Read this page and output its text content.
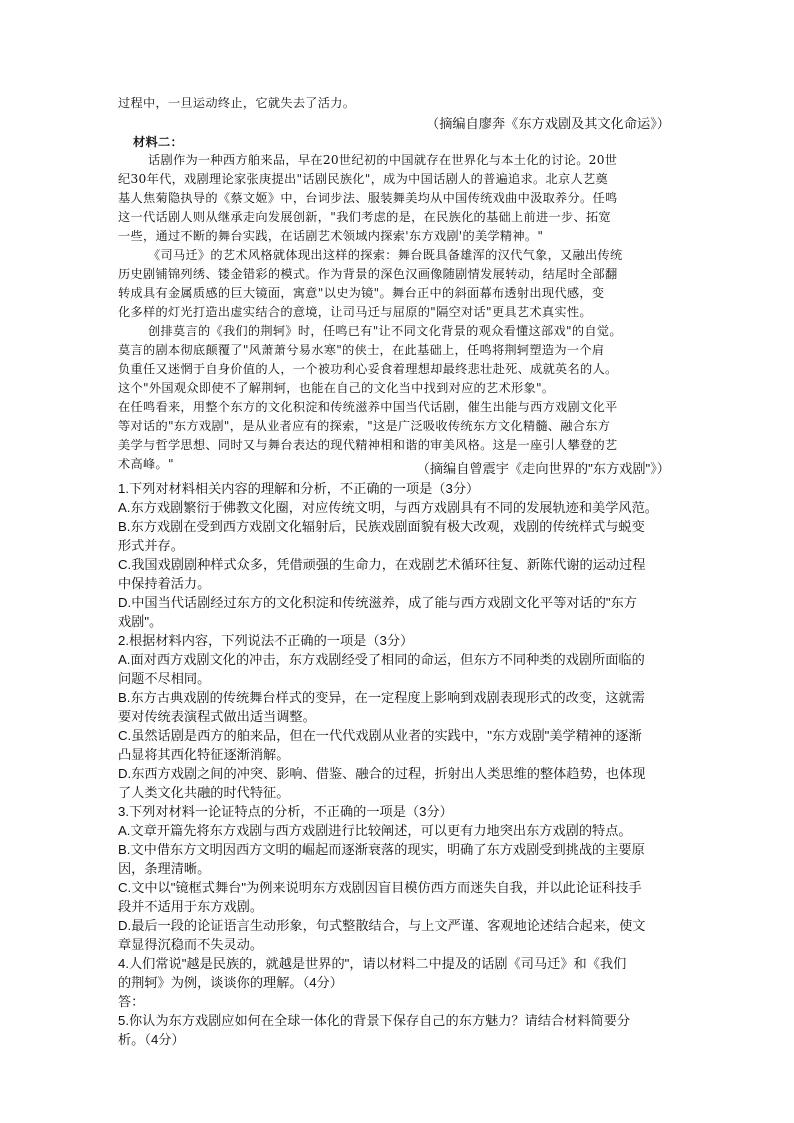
过程中，一旦运动终止，它就失去了活力。
（摘编自廖奔《东方戏剧及其文化命运》）
材料二：
话剧作为一种西方舶来品，早在20世纪初的中国就存在世界化与本土化的讨论。20世
纪30年代，戏剧理论家张庚提出"话剧民族化"，成为中国话剧人的普遍追求。北京人艺奠
基人焦菊隐执导的《蔡文姬》中，台词步法、服装舞美均从中国传统戏曲中汲取养分。任鸣
这一代话剧人则从继承走向发展创新，"我们考虑的是，在民族化的基础上前进一步、拓宽
一些，通过不断的舞台实践，在话剧艺术领域内探索'东方戏剧'的美学精神。"
《司马迁》的艺术风格就体现出这样的探索：舞台既具备雄浑的汉代气象，又融出传统
历史剧铺锦列绣、镂金错彩的模式。作为背景的深色汉画像随剧情发展转动，结尾时全部翻
转成具有金属质感的巨大镜面，寓意"以史为镜"。舞台正中的斜面幕布透射出现代感，变
化多样的灯光打造出虚实结合的意境，让司马迁与屈原的"隔空对话"更具艺术真实性。
创排莫言的《我们的荆轲》时，任鸣已有"让不同文化背景的观众看懂这部戏"的自觉。
莫言的剧本彻底颠覆了"风萧萧兮易水寒"的侠士，在此基础上，任鸣将荆轲塑造为一个肩
负重任又迷惘于自身价值的人，一个被功利心妥食着理想却最终悲壮赴死、成就英名的人。
这个"外国观众即使不了解荆轲，也能在自己的文化当中找到对应的艺术形象"。
在任鸣看来，用整个东方的文化积淀和传统滋养中国当代话剧，催生出能与西方戏剧文化平
等对话的"东方戏剧"，是从业者应有的探索，"这是广泛吸收传统东方文化精髓、融合东方
美学与哲学思想、同时又与舞台表达的现代精神相和谐的审美风格。这是一座引人攀登的艺
术高峰。"	（摘编自曾震宇《走向世界的"东方戏剧"》）
1.下列对材料相关内容的理解和分析，不正确的一项是（3分）
A.东方戏剧繁衍于佛教文化圈，对应传统文明，与西方戏剧具有不同的发展轨迹和美学风范。
B.东方戏剧在受到西方戏剧文化辐射后，民族戏剧面貌有极大改观，戏剧的传统样式与蜕变
形式并存。
C.我国戏剧剧种样式众多，凭借顽强的生命力，在戏剧艺术循环往复、新陈代谢的运动过程
中保持着活力。
D.中国当代话剧经过东方的文化积淀和传统滋养，成了能与西方戏剧文化平等对话的"东方
戏剧"。
2.根据材料内容，下列说法不正确的一项是（3分）
A.面对西方戏剧文化的冲击，东方戏剧经受了相同的命运，但东方不同种类的戏剧所面临的
问题不尽相同。
B.东方古典戏剧的传统舞台样式的变异，在一定程度上影响到戏剧表现形式的改变，这就需
要对传统表演程式做出适当调整。
C.虽然话剧是西方的舶来品，但在一代代戏剧从业者的实践中，"东方戏剧"美学精神的逐渐
凸显将其西化特征逐渐消解。
D.东西方戏剧之间的冲突、影响、借鉴、融合的过程，折射出人类思维的整体趋势，也体现
了人类文化共融的时代特征。
3.下列对材料一论证特点的分析，不正确的一项是（3分）
A.文章开篇先将东方戏剧与西方戏剧进行比较阐述，可以更有力地突出东方戏剧的特点。
B.文中借东方文明因西方文明的崛起而逐渐衰落的现实，明确了东方戏剧受到挑战的主要原
因，条理清晰。
C.文中以"镜框式舞台"为例来说明东方戏剧因盲目模仿西方而迷失自我，并以此论证科技手
段并不适用于东方戏剧。
D.最后一段的论证语言生动形象，句式整散结合，与上文严谨、客观地论述结合起来，使文
章显得沉稳而不失灵动。
4.人们常说"越是民族的，就越是世界的"，请以材料二中提及的话剧《司马迁》和《我们
的荆轲》为例，谈谈你的理解。（4分）
答：
5.你认为东方戏剧应如何在全球一体化的背景下保存自己的东方魅力？请结合材料简要分
析。（4分）
